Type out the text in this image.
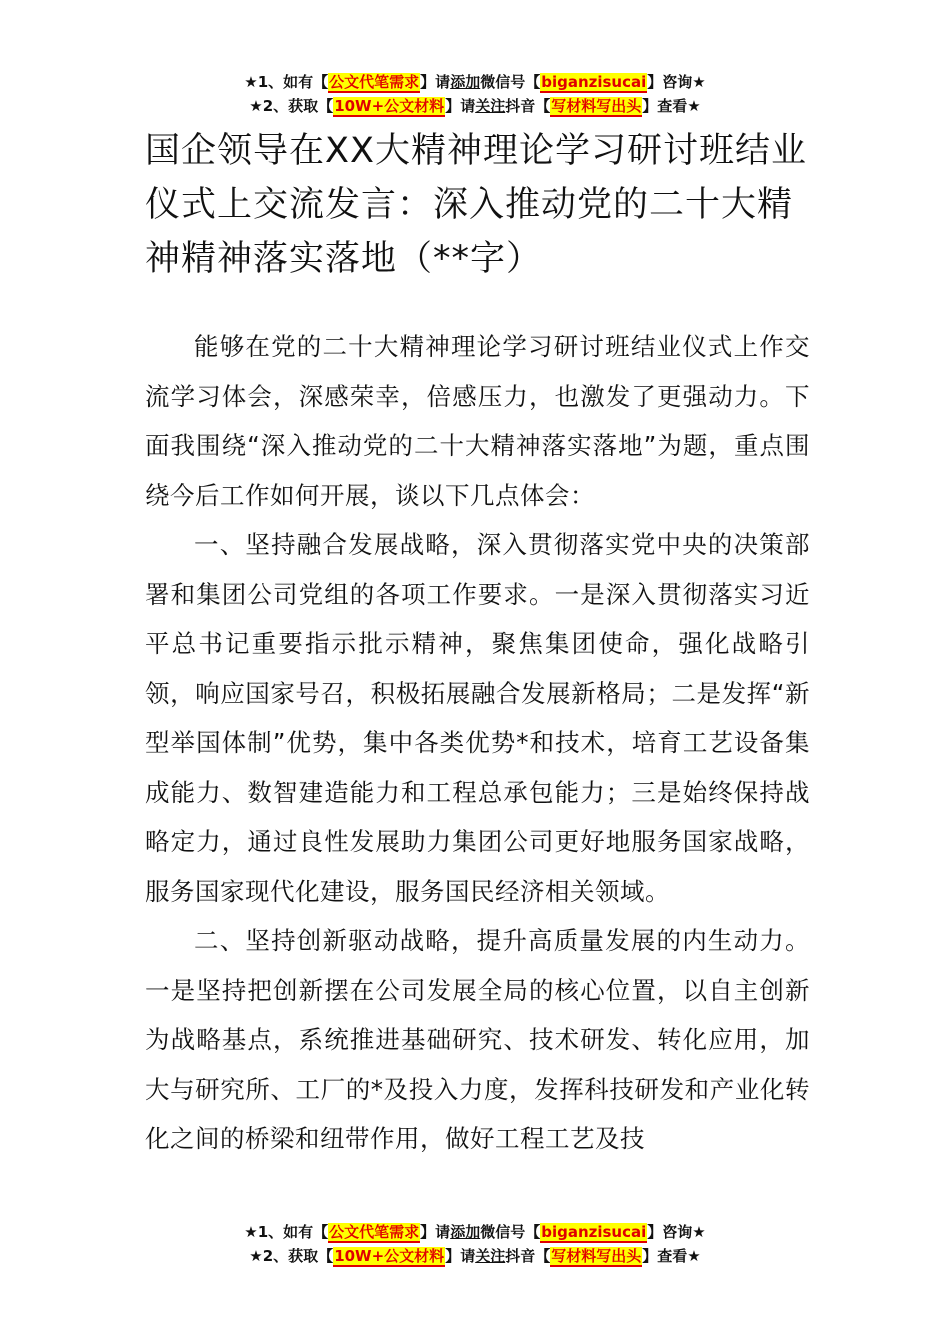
★1、如有【公文代笔需求】请添加微信号【biganzisucai】咨询★
★2、获取【10W+公文材料】请关注抖音【写材料写出头】查看★
国企领导在XX大精神理论学习研讨班结业仪式上交流发言：深入推动党的二十大精神精神落实落地（**字）

能够在党的二十大精神理论学习研讨班结业仪式上作交流学习体会，深感荣幸，倍感压力，也激发了更强动力。下面我围绕“深入推动党的二十大精神落实落地”为题，重点围绕今后工作如何开展，谈以下几点体会：

一、坚持融合发展战略，深入贯彻落实党中央的决策部署和集团公司党组的各项工作要求。一是深入贯彻落实习近平总书记重要指示批示精神，聚焦集团使命，强化战略引领，响应国家号召，积极拓展融合发展新格局；二是发挥“新型举国体制”优势，集中各类优势*和技术，培育工艺设备集成能力、数智建造能力和工程总承包能力；三是始终保持战略定力，通过良性发展助力集团公司更好地服务国家战略，服务国家现代化建设，服务国民经济相关领域。

二、坚持创新驱动战略，提升高质量发展的内生动力。一是坚持把创新摆在公司发展全局的核心位置，以自主创新为战略基点，系统推进基础研究、技术研发、转化应用，加大与研究所、工厂的*及投入力度，发挥科技研发和产业化转化之间的桥梁和纽带作用，做好工程工艺及技

★1、如有【公文代笔需求】请添加微信号【biganzisucai】咨询★
★2、获取【10W+公文材料】请关注抖音【写材料写出头】查看★
